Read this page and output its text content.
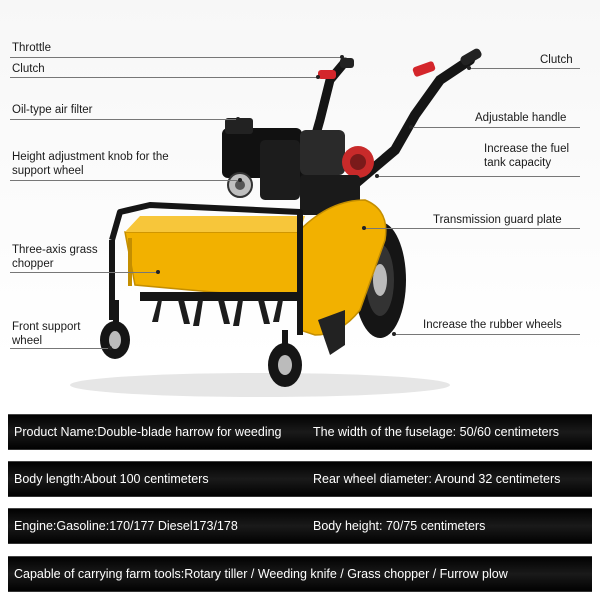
Throttle
Clutch
Oil-type air filter
Height adjustment knob for the support wheel
Three-axis grass chopper
Front support wheel
Clutch
Adjustable handle
Increase the fuel tank capacity
Transmission guard plate
Increase the rubber wheels
Product Name:Double-blade harrow for weeding	The width of the fuselage: 50/60 centimeters
Body length:About 100 centimeters	Rear wheel diameter: Around 32 centimeters
Engine:Gasoline:170/177 Diesel173/178	Body height: 70/75 centimeters
Capable of carrying farm tools:Rotary tiller / Weeding knife / Grass chopper / Furrow plow
